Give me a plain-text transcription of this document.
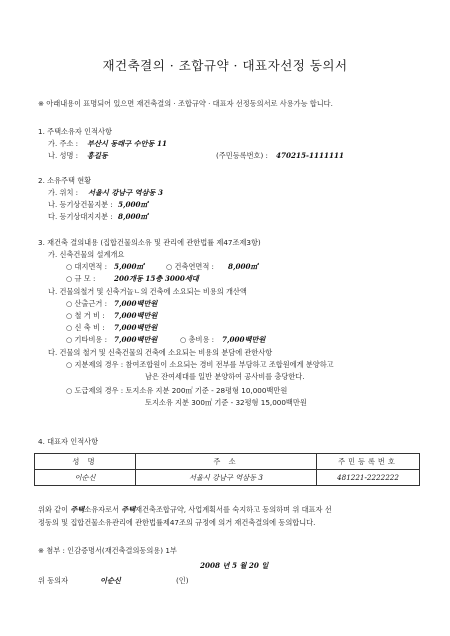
재건축결의 · 조합규약 · 대표자선정 동의서
※ 아래내용이 표명되어 있으면 재건축결의 · 조합규약 · 대표자 선정동의서로 사용가능 합니다.
1. 주택소유자 인적사항
가. 주소 : 부산시 동래구 수안동 11
나. 성명 : 홍길동	(주민등록번호) : 470215-1111111
2. 소유주택 현황
가. 위치 : 서울시 강남구 역삼동 3
나. 등기상건물지분 : 5,000㎡
다. 등기상대지지분 : 8,000㎡
3. 재건축 결의내용 (집합건물의소유 및 관리에 관한법률 제47조제3항)
가. 신축건물의 설계개요
○ 대지면적 : 5,000㎡	○ 건축연면적 : 8,000㎡
○ 규 모 :	200개동 15층 3000세대
나. 건물의철거 및 신축거놀ㄴ의 건축에 소요되는 비용의 개산액
○ 산출근거 : 7,000백만원
○ 철 거 비 : 7,000백만원
○ 신 축 비 : 7,000백만원
○ 기타비용 : 7,000백만원	○ 총비용 : 7,000백만원
다. 건물의 철거 및 신축건물의 건축에 소요되는 비용의 분담에 관한사항
○ 지분제의 경우 : 참여조합원이 소요되는 경비 전부를 부담하고 조합원에게 분양하고
남은 잔여세대를 일반 분양하여 공사비를 충당한다.
○ 도급제의 경우 : 토지소유 지분 200㎡ 기준 - 28평형 10,000백만원
토지소유 지분 300㎡ 기준 - 32평형 15,000백만원
4. 대표자 인적사항
성 명	주 소	주민등록번호
이순신	서울시 강남구 역삼동 3	481221-2222222
위와 같이 주택소유자로서 주택재건축조합규약, 사업계획서를 숙지하고 동의하며 위 대표자 선
정동의 및 집합건물소유관리에 관한법률제47조의 규정에 의거 재건축결의에 동의합니다.
※ 첨부 : 인감증명서(재건축결의동의용) 1부
2008 년 5 월 20 일
위 동의자	이순신	(인)
